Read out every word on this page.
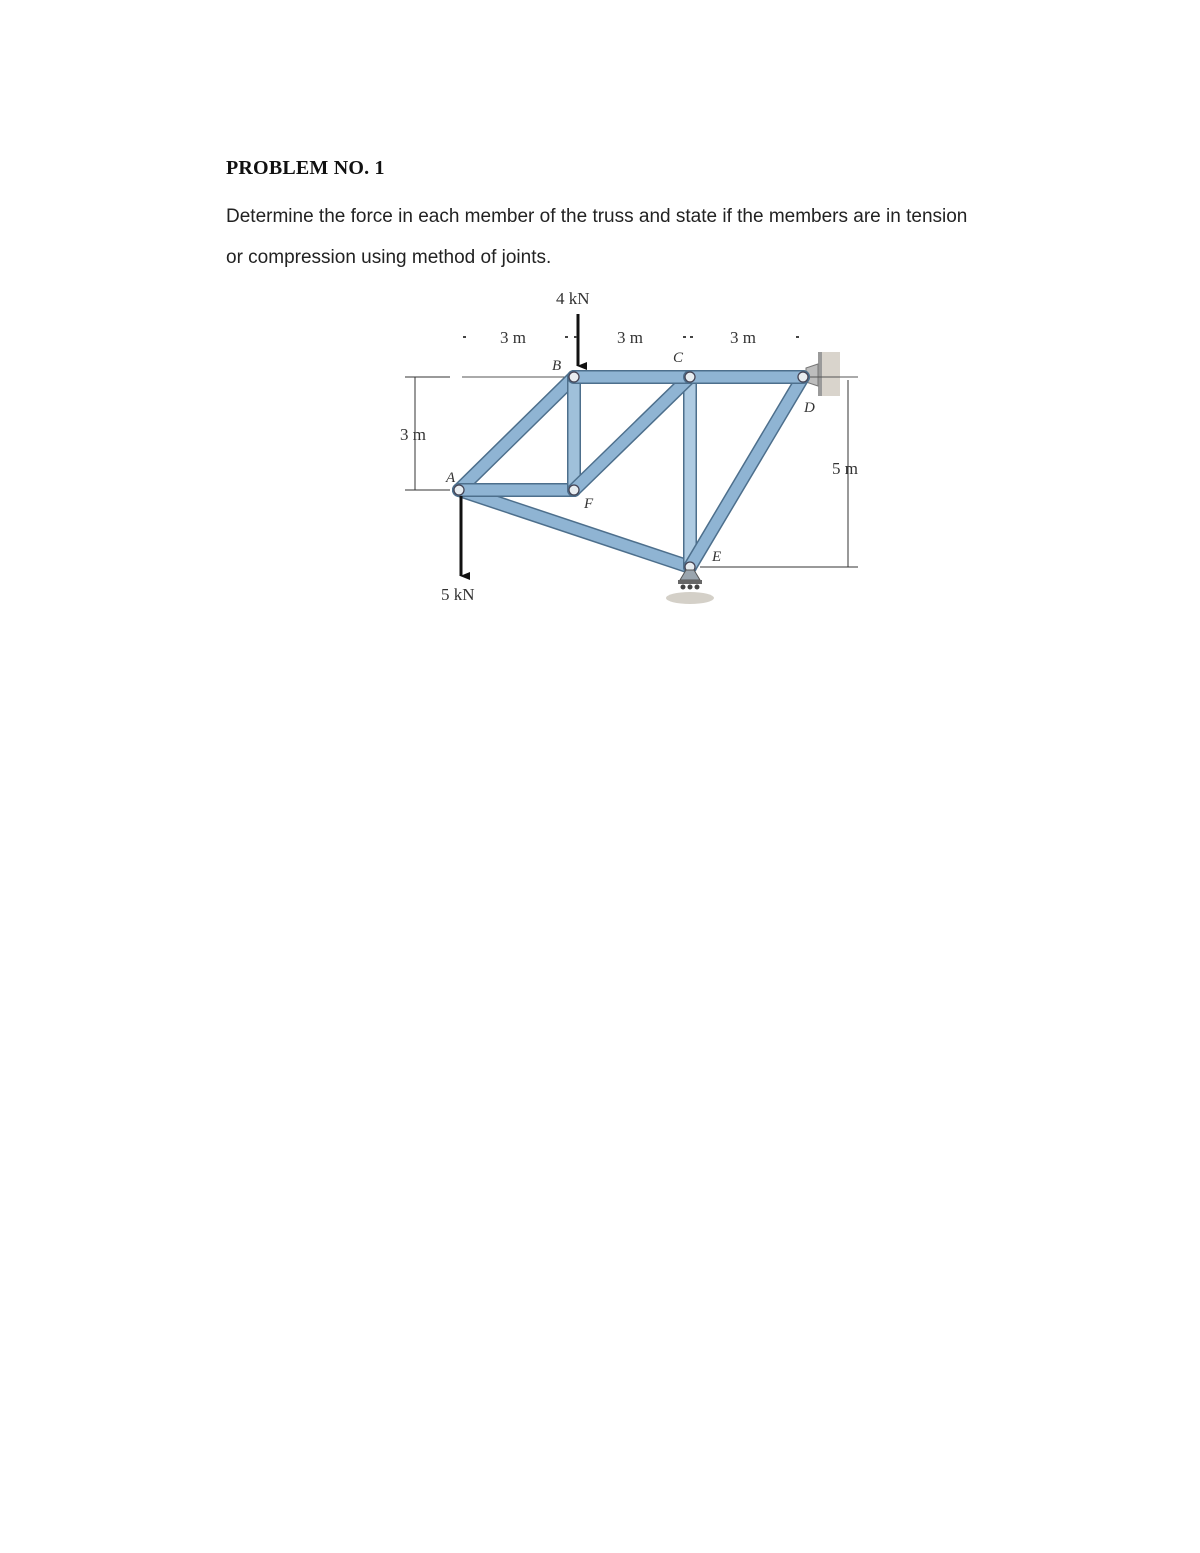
PROBLEM NO. 1
Determine the force in each member of the truss and state if the members are in tension
or compression using method of joints.
4 kN
5 kN
3 m	3 m	3 m
3 m
5 m
A
B	C
D
E
F
